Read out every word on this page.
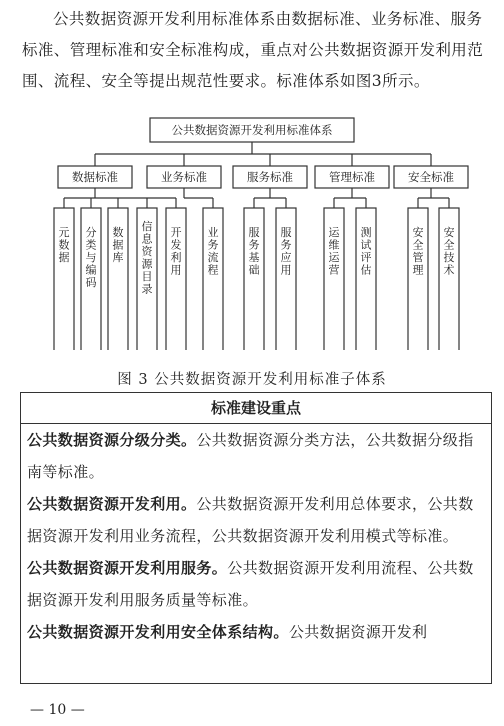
公共数据资源开发利用标准体系由数据标准、业务标准、服务标准、管理标准和安全标准构成，重点对公共数据资源开发利用范围、流程、安全等提出规范性要求。标准体系如图3所示。

公共数据资源开发利用标准体系
数据标准
元数据
分类与编码
数据库
信息资源目录
开发利用
业务标准
业务流程
服务标准
服务基础
服务应用
管理标准
运维运营
测试评估
安全标准
安全管理
安全技术
图 3 公共数据资源开发利用标准子体系
标准建设重点

公共数据资源分级分类。公共数据资源分类方法，公共数据分级指南等标准。

公共数据资源开发利用。公共数据资源开发利用总体要求，公共数据资源开发利用业务流程，公共数据资源开发利用模式等标准。

公共数据资源开发利用服务。公共数据资源开发利用流程、公共数据资源开发利用服务质量等标准。

公共数据资源开发利用安全体系结构。公共数据资源开发利

— 10 —
